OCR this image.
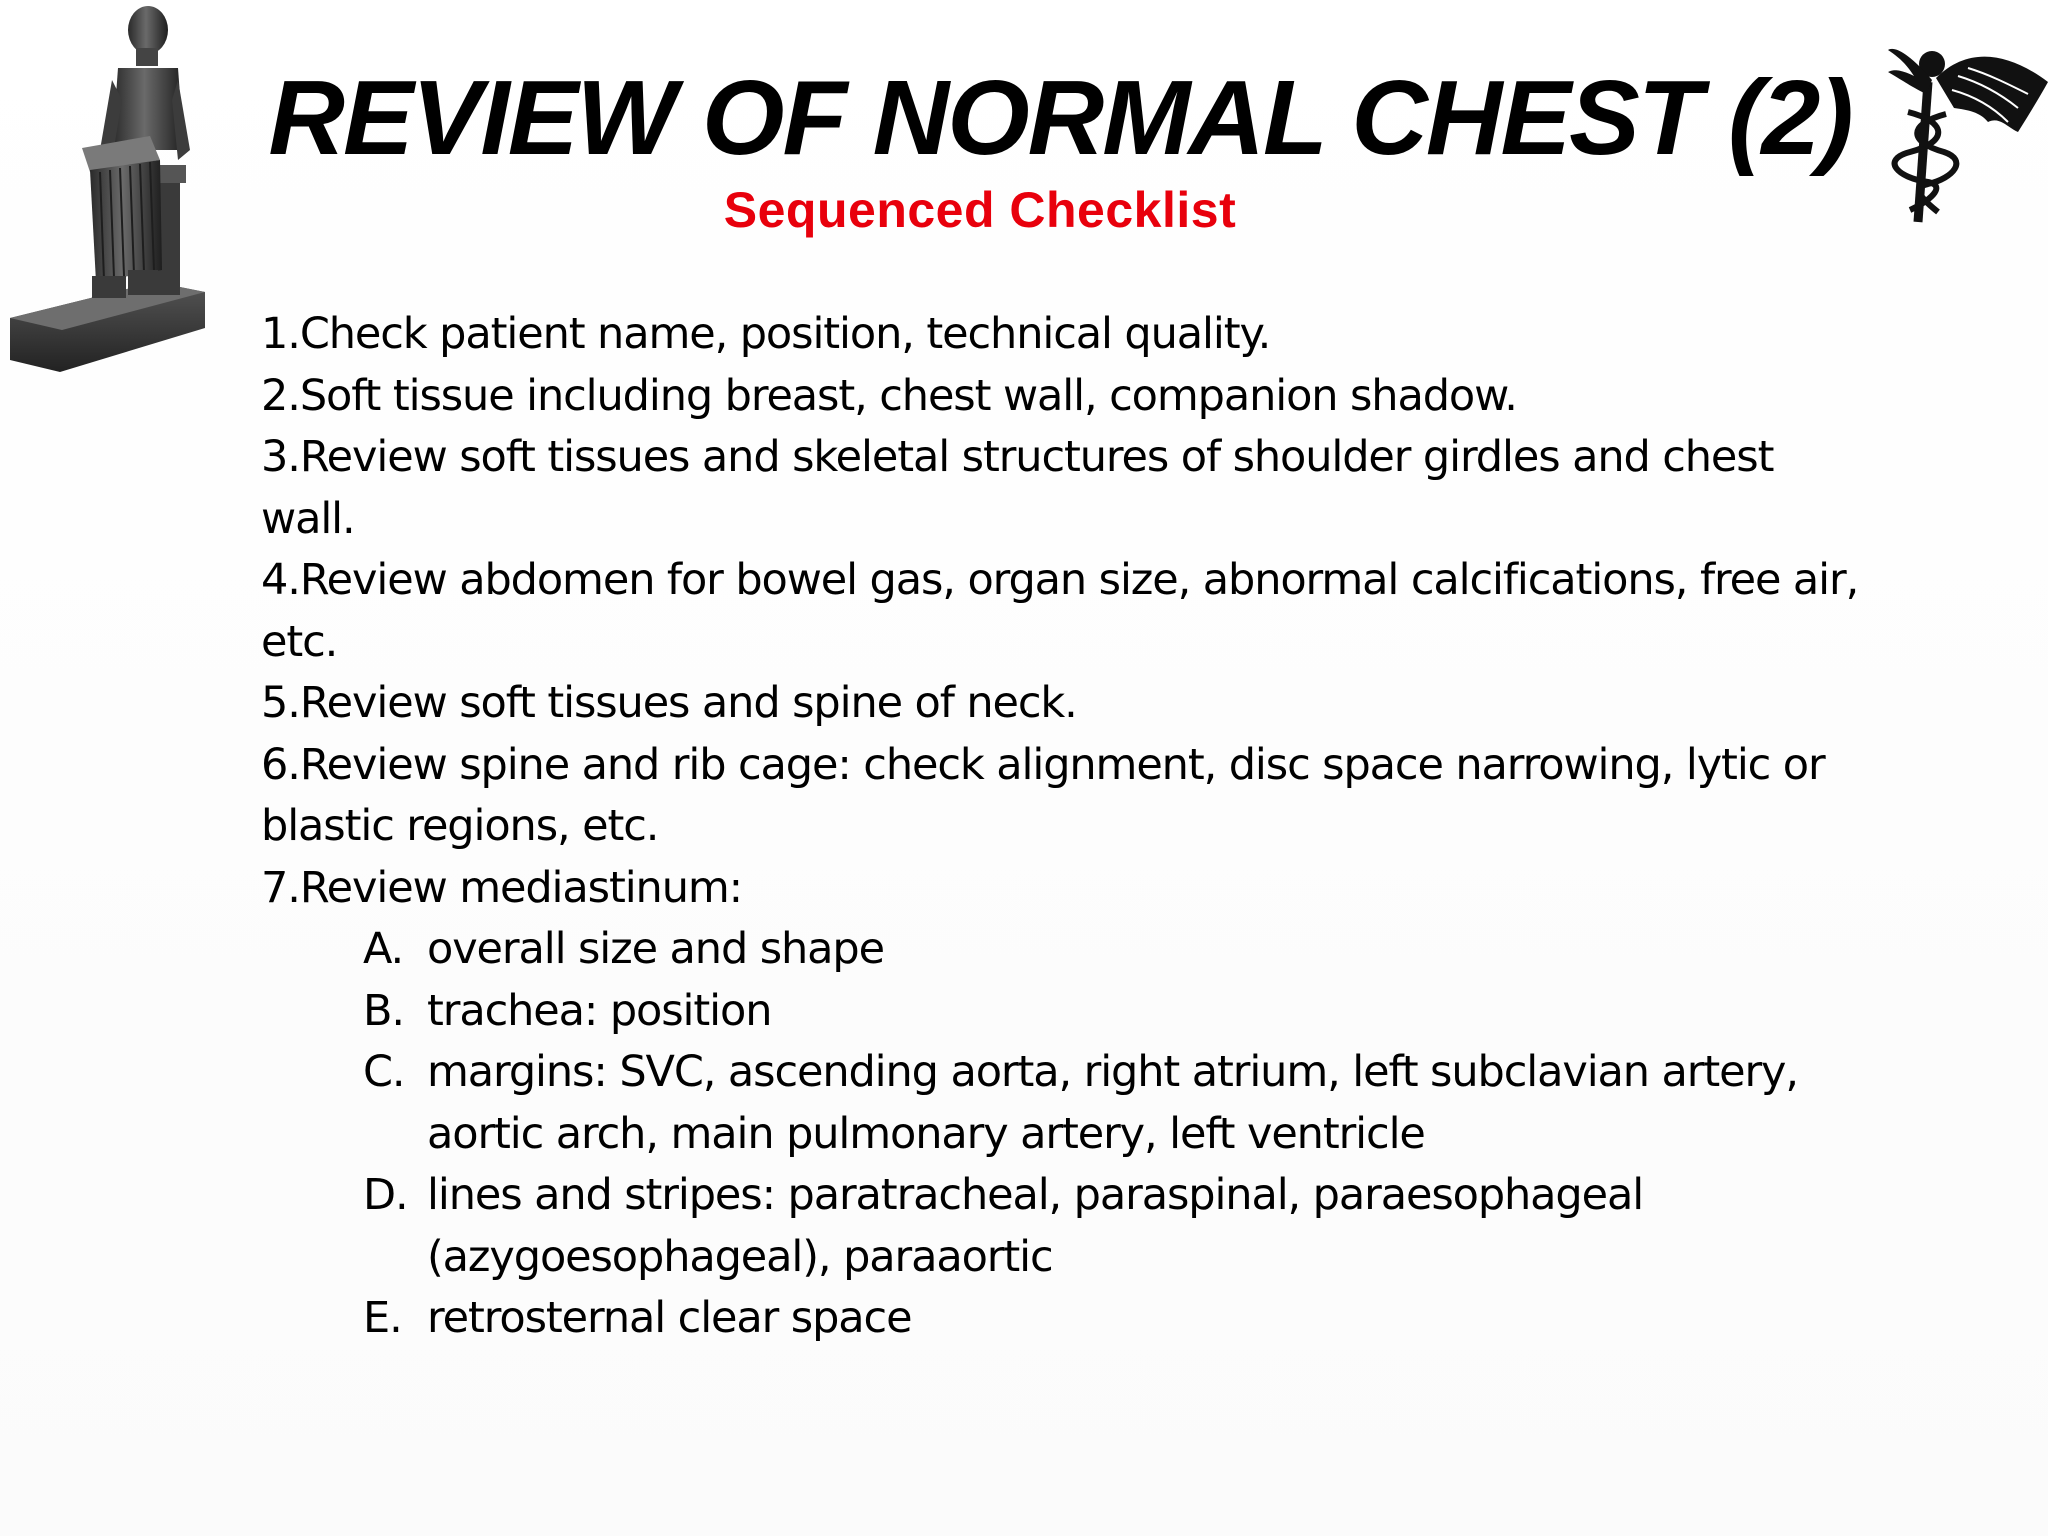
REVIEW OF NORMAL CHEST (2)
Sequenced Checklist
1.Check patient name, position, technical quality.
2.Soft tissue including breast, chest wall, companion shadow.
3.Review soft tissues and skeletal structures of shoulder girdles and chest wall.
4.Review abdomen for bowel gas, organ size, abnormal calcifications, free air, etc.
5.Review soft tissues and spine of neck.
6.Review spine and rib cage: check alignment, disc space narrowing, lytic or blastic regions, etc.
7.Review mediastinum:
A. overall size and shape
B. trachea: position
C. margins: SVC, ascending aorta, right atrium, left subclavian artery, aortic arch, main pulmonary artery, left ventricle
D. lines and stripes: paratracheal, paraspinal, paraesophageal (azygoesophageal), paraaortic
E. retrosternal clear space
